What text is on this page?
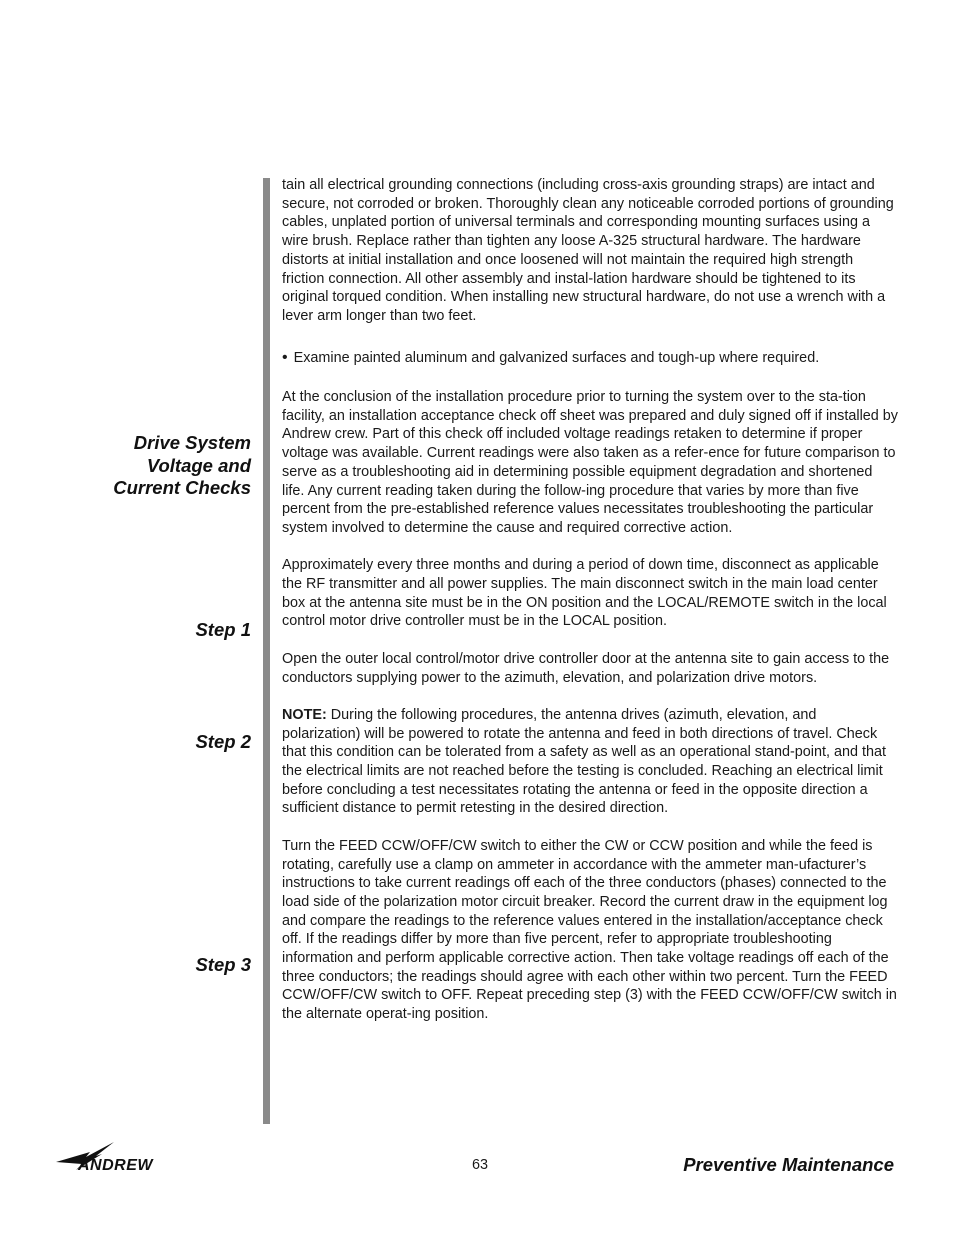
Drive System
Voltage and
Current Checks
Step 1
Step 2
Step 3

tain all electrical grounding connections (including cross-axis grounding straps) are intact and secure, not corroded or broken. Thoroughly clean any noticeable corroded portions of grounding cables, unplated portion of universal terminals and corresponding mounting surfaces using a wire brush. Replace rather than tighten any loose A-325 structural hardware. The hardware distorts at initial installation and once loosened will not maintain the required high strength friction connection. All other assembly and instal-lation hardware should be tightened to its original torqued condition. When installing new structural hardware, do not use a wrench with a lever arm longer than two feet.

• Examine painted aluminum and galvanized surfaces and tough-up where required.

At the conclusion of the installation procedure prior to turning the system over to the sta-tion facility, an installation acceptance check off sheet was prepared and duly signed off if installed by Andrew crew. Part of this check off included voltage readings retaken to determine if proper voltage was available. Current readings were also taken as a refer-ence for future comparison to serve as a troubleshooting aid in determining possible equipment degradation and shortened life. Any current reading taken during the follow-ing procedure that varies by more than five percent from the pre-established reference values necessitates troubleshooting the particular system involved to determine the cause and required corrective action.

Approximately every three months and during a period of down time, disconnect as applicable the RF transmitter and all power supplies. The main disconnect switch in the main load center box at the antenna site must be in the ON position and the LOCAL/REMOTE switch in the local control motor drive controller must be in the LOCAL position.

Open the outer local control/motor drive controller door at the antenna site to gain access to the conductors supplying power to the azimuth, elevation, and polarization drive motors.

NOTE: During the following procedures, the antenna drives (azimuth, elevation, and polarization) will be powered to rotate the antenna and feed in both directions of travel. Check that this condition can be tolerated from a safety as well as an operational stand-point, and that the electrical limits are not reached before the testing is concluded. Reaching an electrical limit before concluding a test necessitates rotating the antenna or feed in the opposite direction a sufficient distance to permit retesting in the desired direction.

Turn the FEED CCW/OFF/CW switch to either the CW or CCW position and while the feed is rotating, carefully use a clamp on ammeter in accordance with the ammeter man-ufacturer’s instructions to take current readings off each of the three conductors (phases) connected to the load side of the polarization motor circuit breaker. Record the current draw in the equipment log and compare the readings to the reference values entered in the installation/acceptance check off. If the readings differ by more than five percent, refer to appropriate troubleshooting information and perform applicable corrective action. Then take voltage readings off each of the three conductors; the readings should agree with each other within two percent. Turn the FEED CCW/OFF/CW switch to OFF. Repeat preceding step (3) with the FEED CCW/OFF/CW switch in the alternate operat-ing position.

ANDREW	63	Preventive Maintenance
